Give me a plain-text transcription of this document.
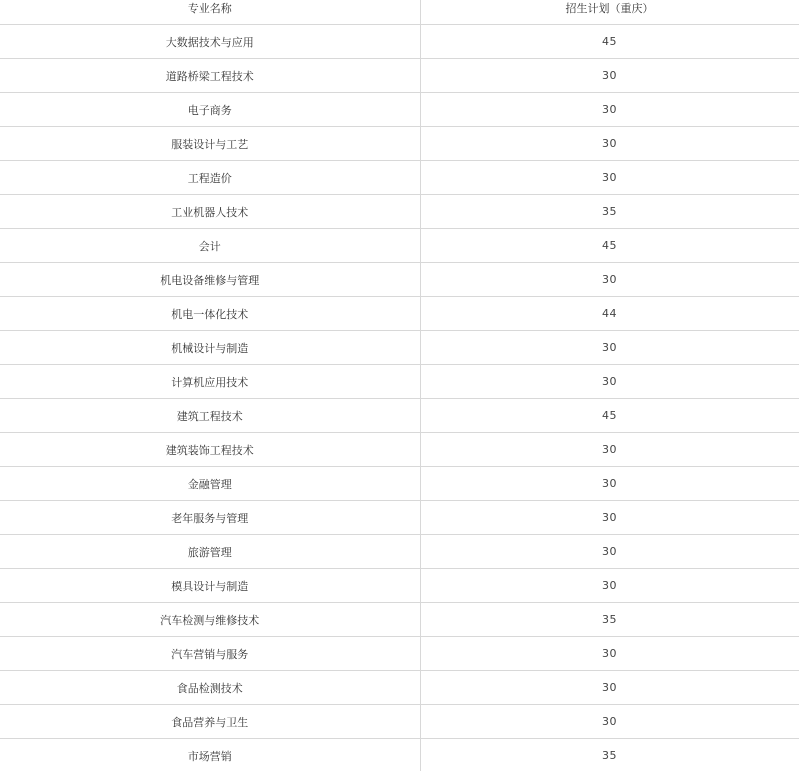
专业名称	招生计划（重庆）
大数据技术与应用	45
道路桥梁工程技术	30
电子商务	30
服装设计与工艺	30
工程造价	30
工业机器人技术	35
会计	45
机电设备维修与管理	30
机电一体化技术	44
机械设计与制造	30
计算机应用技术	30
建筑工程技术	45
建筑装饰工程技术	30
金融管理	30
老年服务与管理	30
旅游管理	30
模具设计与制造	30
汽车检测与维修技术	35
汽车营销与服务	30
食品检测技术	30
食品营养与卫生	30
市场营销	35
